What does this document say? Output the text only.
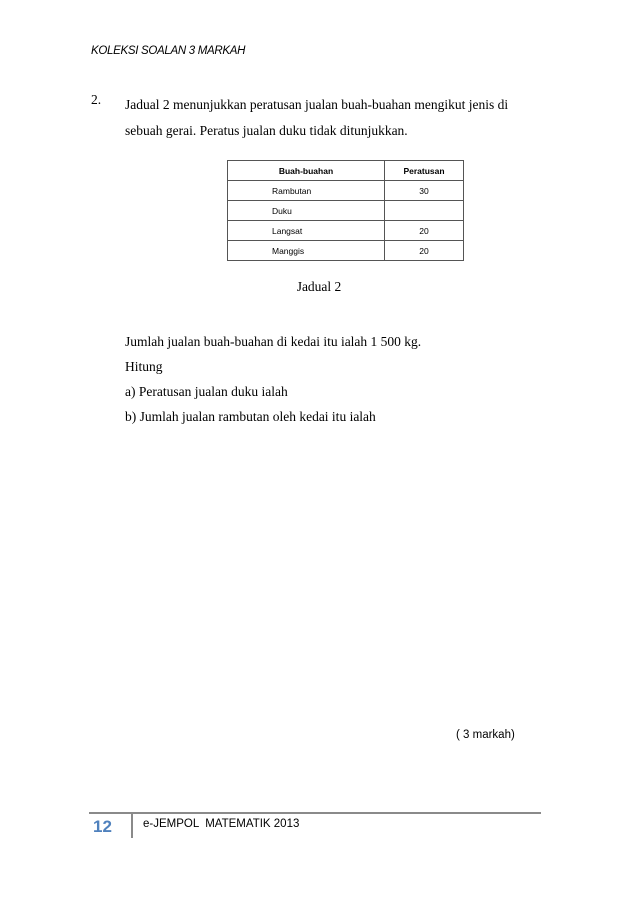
KOLEKSI SOALAN 3 MARKAH
2. Jadual 2 menunjukkan peratusan jualan buah-buahan mengikut jenis di

sebuah gerai. Peratus jualan duku tidak ditunjukkan.

Buah-buahan	Peratusan
Rambutan	30
Duku	
Langsat	20
Manggis	20
Jadual 2

Jumlah jualan buah-buahan di kedai itu ialah 1 500 kg.

Hitung

a) Peratusan jualan duku ialah

b) Jumlah jualan rambutan oleh kedai itu ialah

( 3 markah)
12	e-JEMPOL  MATEMATIK 2013
